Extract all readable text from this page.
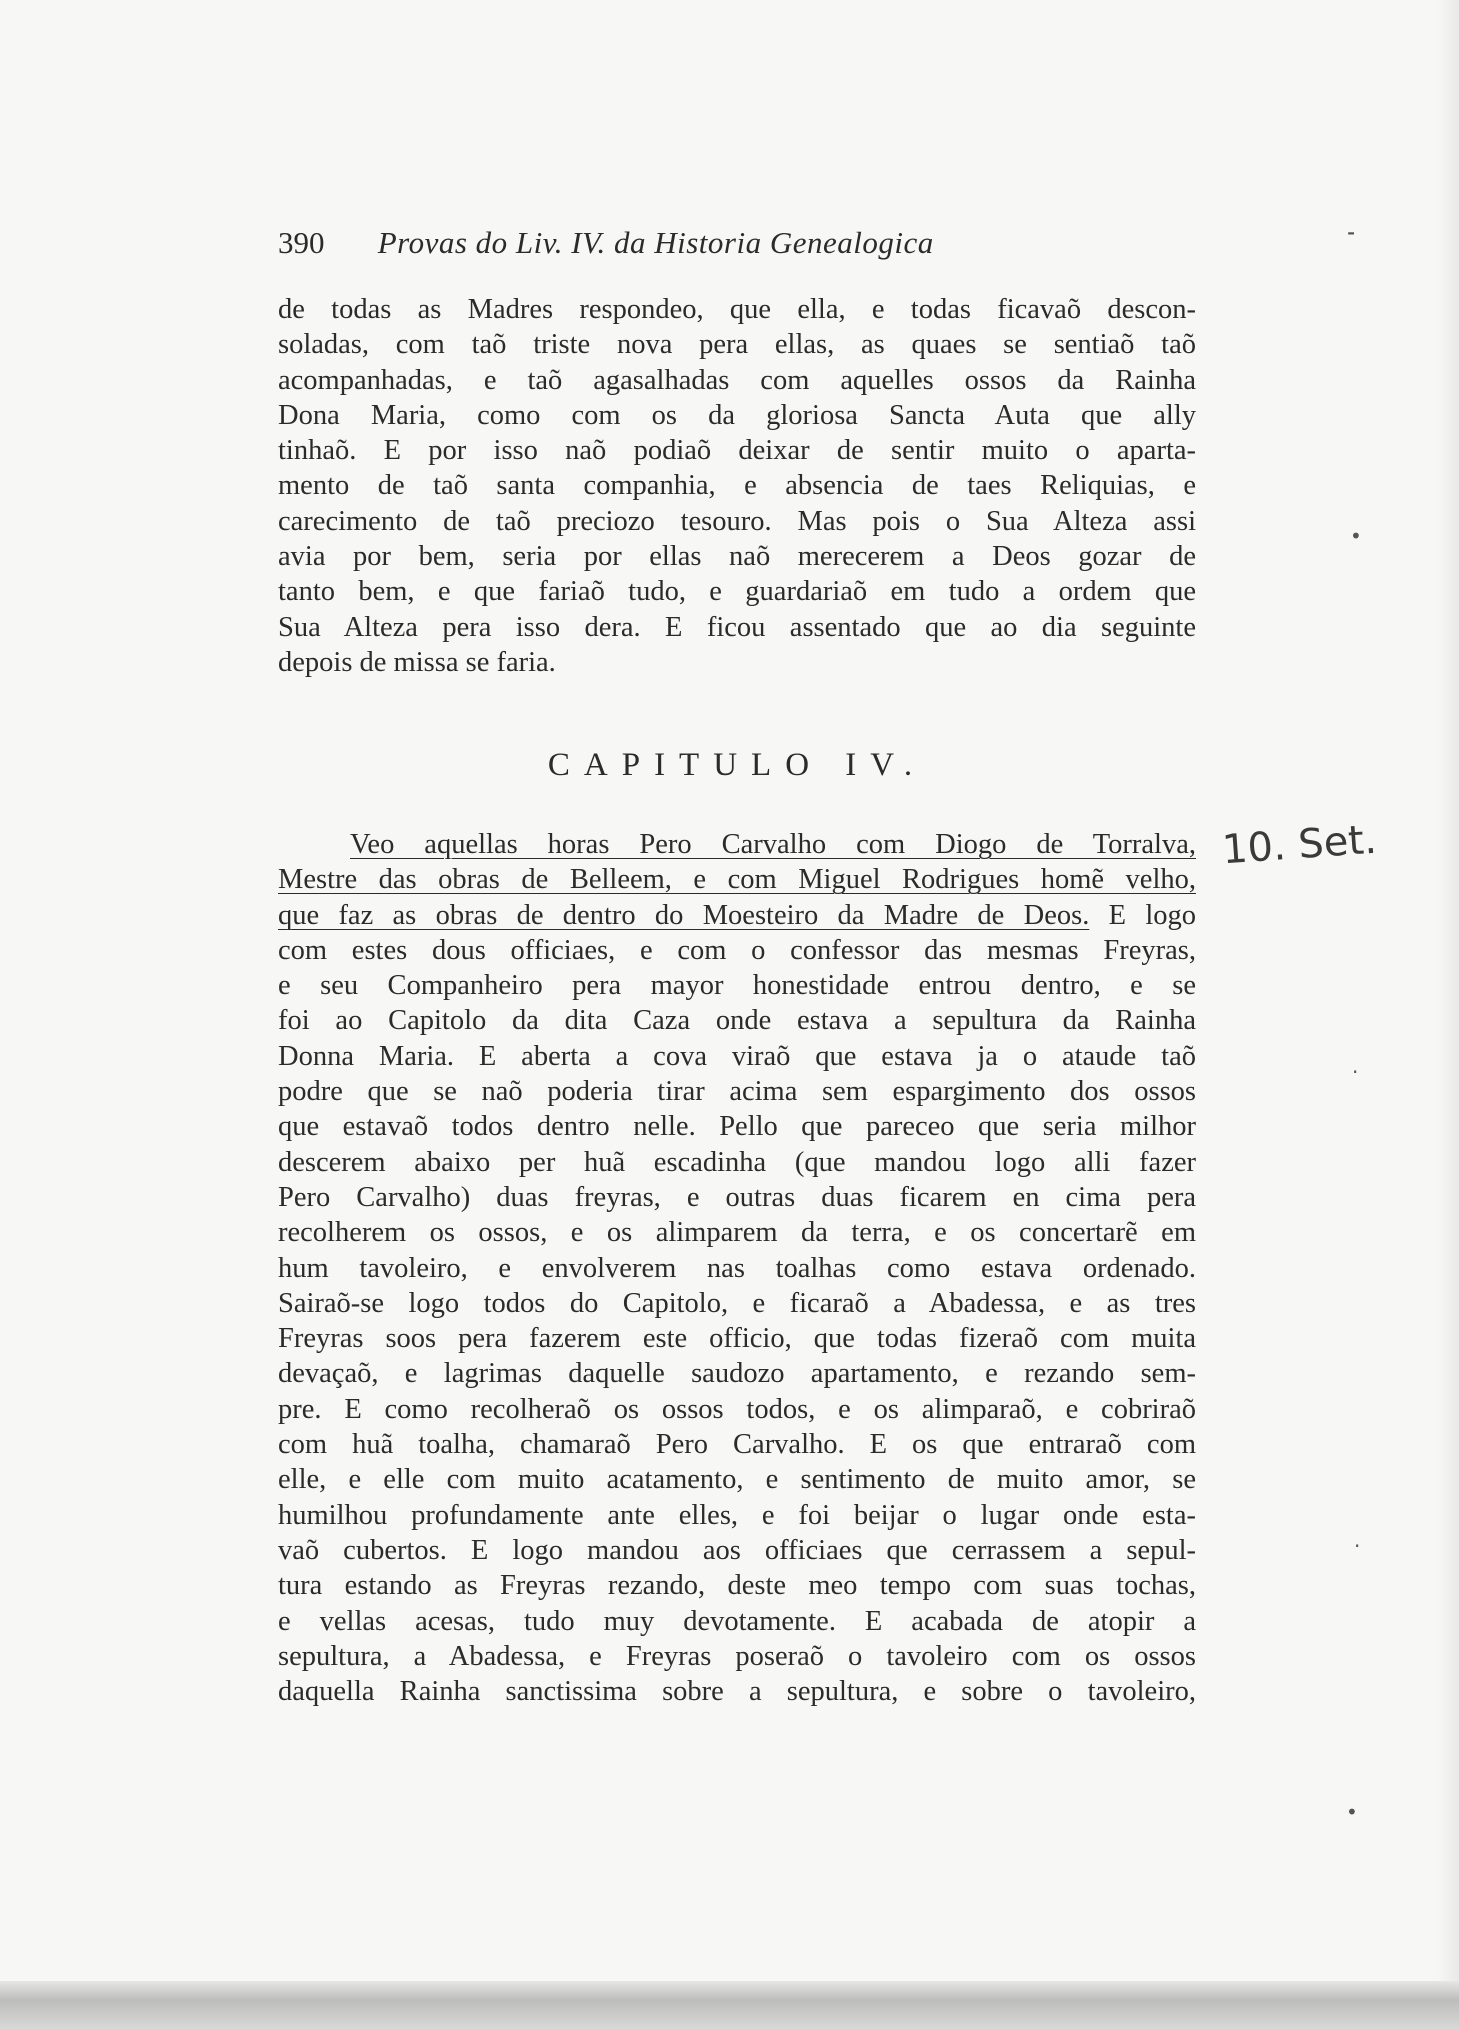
390 Provas do Liv. IV. da Historia Genealogica
de todas as Madres respondeo, que ella, e todas ficavaõ descon-
soladas, com taõ triste nova pera ellas, as quaes se sentiaõ taõ
acompanhadas, e taõ agasalhadas com aquelles ossos da Rainha
Dona Maria, como com os da gloriosa Sancta Auta que ally
tinhaõ. E por isso naõ podiaõ deixar de sentir muito o aparta-
mento de taõ santa companhia, e absencia de taes Reliquias, e
carecimento de taõ preciozo tesouro. Mas pois o Sua Alteza assi
avia por bem, seria por ellas naõ merecerem a Deos gozar de
tanto bem, e que fariaõ tudo, e guardariaõ em tudo a ordem que
Sua Alteza pera isso dera. E ficou assentado que ao dia seguinte
depois de missa se faria.
CAPITULO IV.
Veo aquellas horas Pero Carvalho com Diogo de Torralva,
Mestre das obras de Belleem, e com Miguel Rodrigues homẽ velho,
que faz as obras de dentro do Moesteiro da Madre de Deos. E logo
com estes dous officiaes, e com o confessor das mesmas Freyras,
e seu Companheiro pera mayor honestidade entrou dentro, e se
foi ao Capitolo da dita Caza onde estava a sepultura da Rainha
Donna Maria. E aberta a cova viraõ que estava ja o ataude taõ
podre que se naõ poderia tirar acima sem espargimento dos ossos
que estavaõ todos dentro nelle. Pello que pareceo que seria milhor
descerem abaixo per huã escadinha (que mandou logo alli fazer
Pero Carvalho) duas freyras, e outras duas ficarem en cima pera
recolherem os ossos, e os alimparem da terra, e os concertarẽ em
hum tavoleiro, e envolverem nas toalhas como estava ordenado.
Sairaõ-se logo todos do Capitolo, e ficaraõ a Abadessa, e as tres
Freyras soos pera fazerem este officio, que todas fizeraõ com muita
devaçaõ, e lagrimas daquelle saudozo apartamento, e rezando sem-
pre. E como recolheraõ os ossos todos, e os alimparaõ, e cobriraõ
com huã toalha, chamaraõ Pero Carvalho. E os que entraraõ com
elle, e elle com muito acatamento, e sentimento de muito amor, se
humilhou profundamente ante elles, e foi beijar o lugar onde esta-
vaõ cubertos. E logo mandou aos officiaes que cerrassem a sepul-
tura estando as Freyras rezando, deste meo tempo com suas tochas,
e vellas acesas, tudo muy devotamente. E acabada de atopir a
sepultura, a Abadessa, e Freyras poseraõ o tavoleiro com os ossos
daquella Rainha sanctissima sobre a sepultura, e sobre o tavoleiro,
10. Set.
⁃
•
·
·
•
